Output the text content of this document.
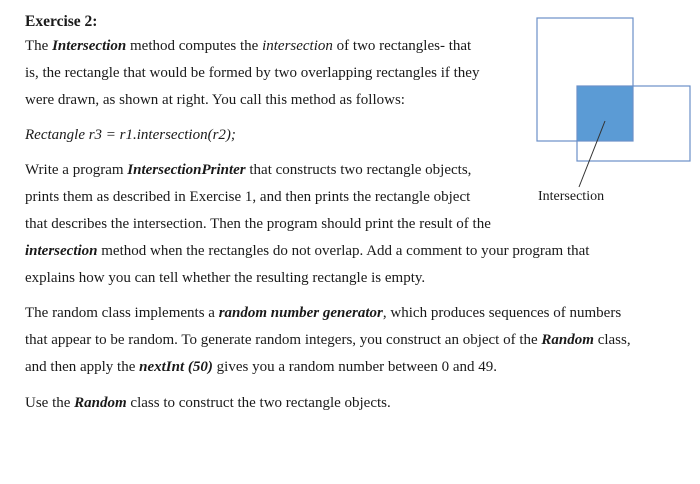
Exercise 2:
The Intersection method computes the intersection of two rectangles- that
is, the rectangle that would be formed by two overlapping rectangles if they
were drawn, as shown at right. You call this method as follows:
Rectangle r3 = r1.intersection(r2);
Write a program IntersectionPrinter that constructs two rectangle objects,
prints them as described in Exercise 1, and then prints the rectangle object
that describes the intersection. Then the program should print the result of the
intersection method when the rectangles do not overlap. Add a comment to your program that
explains how you can tell whether the resulting rectangle is empty.
The random class implements a random number generator, which produces sequences of numbers
that appear to be random. To generate random integers, you construct an object of the Random class,
and then apply the nextInt (50) gives you a random number between 0 and 49.
Use the Random class to construct the two rectangle objects.
Intersection
